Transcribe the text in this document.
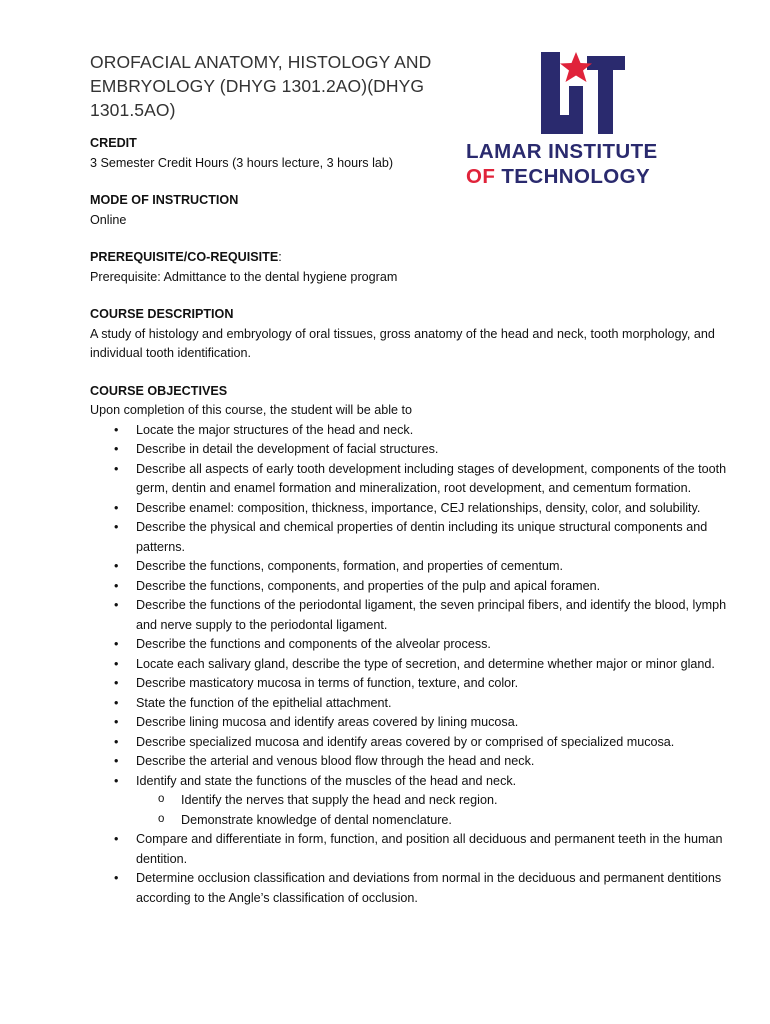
OROFACIAL ANATOMY, HISTOLOGY AND EMBRYOLOGY (DHYG 1301.2AO)(DHYG 1301.5AO)
LAMAR INSTITUTE
OF TECHNOLOGY
CREDIT

3 Semester Credit Hours (3 hours lecture, 3 hours lab)

MODE OF INSTRUCTION

Online

PREREQUISITE/CO-REQUISITE:

Prerequisite: Admittance to the dental hygiene program

COURSE DESCRIPTION

A study of histology and embryology of oral tissues, gross anatomy of the head and neck, tooth morphology, and individual tooth identification.

COURSE OBJECTIVES

Upon completion of this course, the student will be able to

• Locate the major structures of the head and neck.
• Describe in detail the development of facial structures.
• Describe all aspects of early tooth development including stages of development, components of the tooth germ, dentin and enamel formation and mineralization, root development, and cementum formation.
• Describe enamel: composition, thickness, importance, CEJ relationships, density, color, and solubility.
• Describe the physical and chemical properties of dentin including its unique structural components and patterns.
• Describe the functions, components, formation, and properties of cementum.
• Describe the functions, components, and properties of the pulp and apical foramen.
• Describe the functions of the periodontal ligament, the seven principal fibers, and identify the blood, lymph and nerve supply to the periodontal ligament.
• Describe the functions and components of the alveolar process.
• Locate each salivary gland, describe the type of secretion, and determine whether major or minor gland.
• Describe masticatory mucosa in terms of function, texture, and color.
• State the function of the epithelial attachment.
• Describe lining mucosa and identify areas covered by lining mucosa.
• Describe specialized mucosa and identify areas covered by or comprised of specialized mucosa.
• Describe the arterial and venous blood flow through the head and neck.
• Identify and state the functions of the muscles of the head and neck.
o Identify the nerves that supply the head and neck region.
o Demonstrate knowledge of dental nomenclature.
• Compare and differentiate in form, function, and position all deciduous and permanent teeth in the human dentition.
• Determine occlusion classification and deviations from normal in the deciduous and permanent dentitions according to the Angle’s classification of occlusion.
